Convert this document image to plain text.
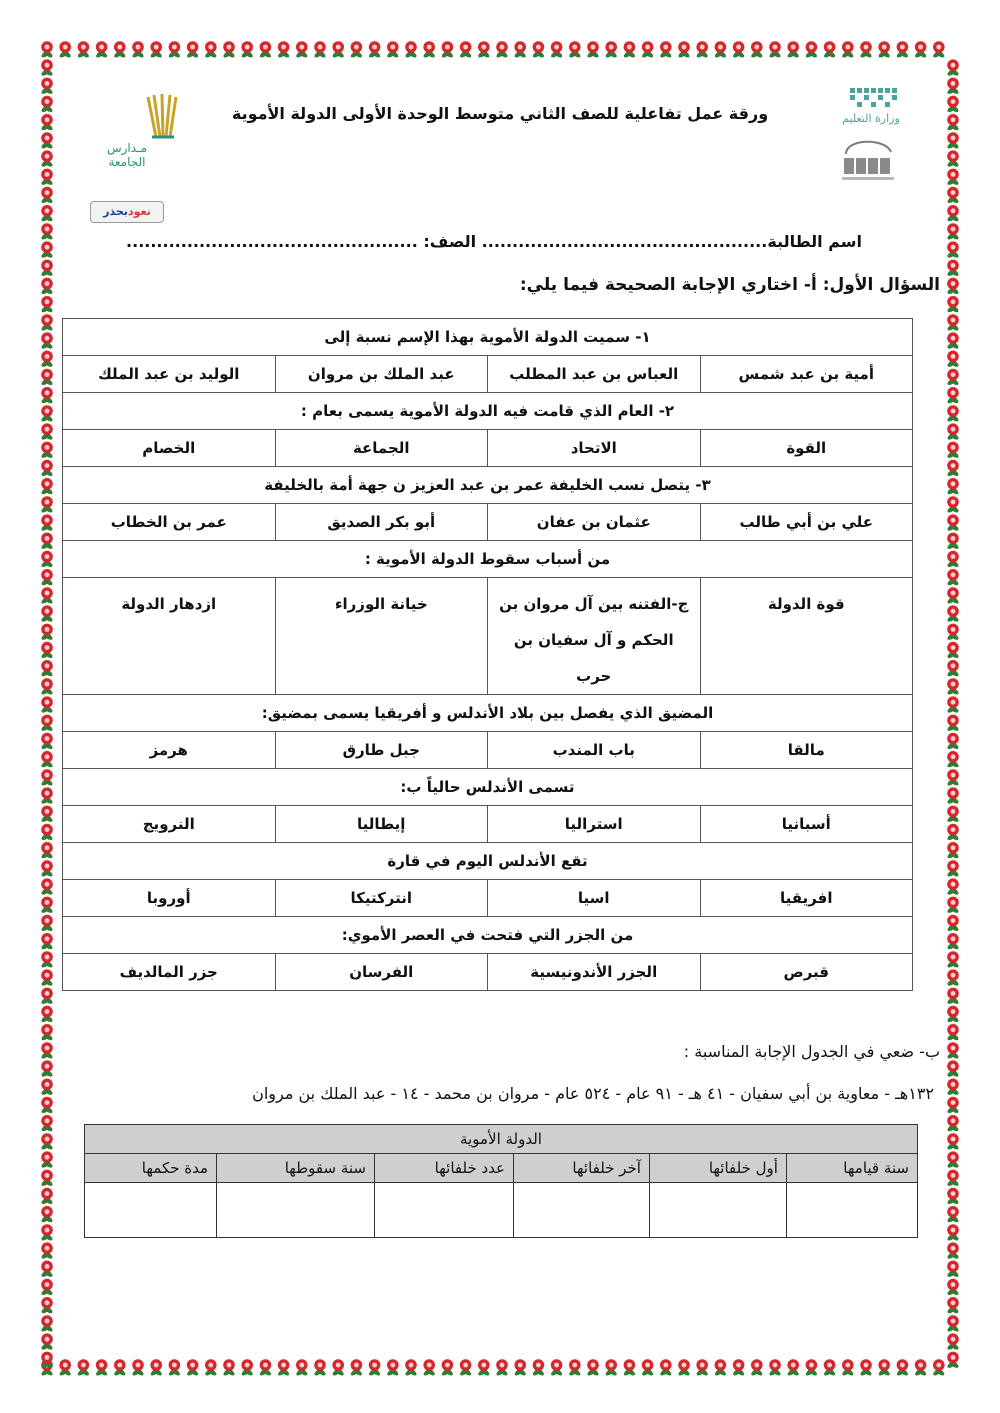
مـدارس الجامعة
ورقة عمل تفاعلية للصف الثاني متوسط الوحدة الأولى الدولة الأموية	وزارة التعليم
نعودبحذر
اسم الطالبة............................................... الصف: ................................................
السؤال الأول: أ- اختاري الإجابة الصحيحة فيما يلي:
١- سميت الدولة الأموية بهذا الإسم نسبة إلى			
أمية بن عبد شمس	العباس بن عبد المطلب	عبد الملك بن مروان	الوليد بن عبد الملك
٢- العام الذي قامت فيه الدولة الأموية يسمى بعام :			
القوة	الاتحاد	الجماعة	الخصام
٣- يتصل نسب الخليفة عمر بن عبد العزيز ن جهة أمة بالخليفة			
علي بن أبي طالب	عثمان بن عفان	أبو بكر الصديق	عمر بن الخطاب
من أسباب سقوط الدولة الأموية :			
قوة الدولة	ج-الفتنه بين آل مروان بن الحكم و آل سفيان بن حرب	خيانة الوزراء	ازدهار الدولة
المضيق الذي يفصل بين بلاد الأندلس و أفريقيا يسمى بمضيق:			
مالقا	باب المندب	جبل طارق	هرمز
تسمى الأندلس حالياً ب:			
أسبانيا	استراليا	إيطاليا	النرويج
تقع الأندلس اليوم في قارة			
افريقيا	اسيا	انتركتيكا	أوروبا
من الجزر التي فتحت في العصر الأموي:			
قبرص	الجزر الأندونيسية	الفرسان	جزر المالديف
ب- ضعي في الجدول الإجابة المناسبة :
١٣٢هـ - معاوية بن أبي سفيان - ٤١ هـ - ٩١ عام - ٥٢٤ عام - مروان بن محمد - ١٤ - عبد الملك بن مروان
الدولة الأموية					
سنة قيامها	أول خلفائها	آخر خلفائها	عدد خلفائها	سنة سقوطها	مدة حكمها
